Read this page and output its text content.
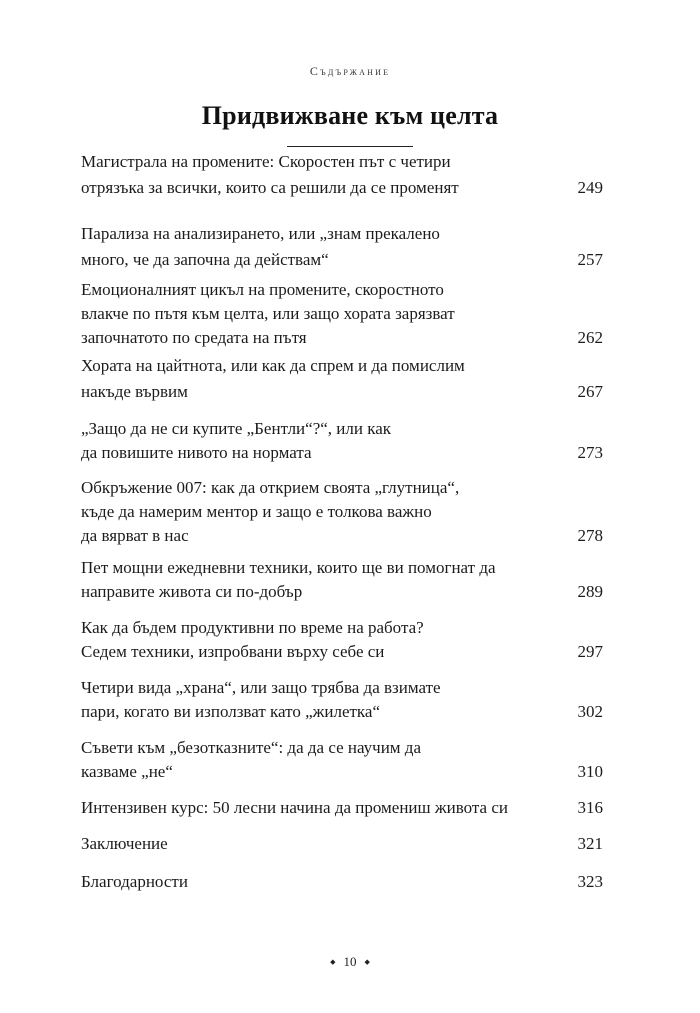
Съдържание
Придвижване към целта
Магистрала на промените: Скоростен път с четири
отрязъка за всички, които са решили да се променят	249
Парализа на анализирането, или „знам прекалено
много, че да започна да действам“	257
Емоционалният цикъл на промените, скоростното
влакче по пътя към целта, или защо хората зарязват
започнатото по средата на пътя	262
Хората на цайтнота, или как да спрем и да помислим
накъде вървим	267
„Защо да не си купите „Бентли“?“, или как
да повишите нивото на нормата	273
Обкръжение 007: как да открием своята „глутница“,
къде да намерим ментор и защо е толкова важно
да вярват в нас	278
Пет мощни ежедневни техники, които ще ви помогнат да
направите живота си по-добър	289
Как да бъдем продуктивни по време на работа?
Седем техники, изпробвани върху себе си	297
Четири вида „храна“, или защо трябва да взимате
пари, когато ви използват като „жилетка“	302
Съвети към „безотказните“: да да се научим да
казваме „не“	310
Интензивен курс: 50 лесни начина да промениш живота си	316
Заключение	321
Благодарности	323
◆ 10 ◆
